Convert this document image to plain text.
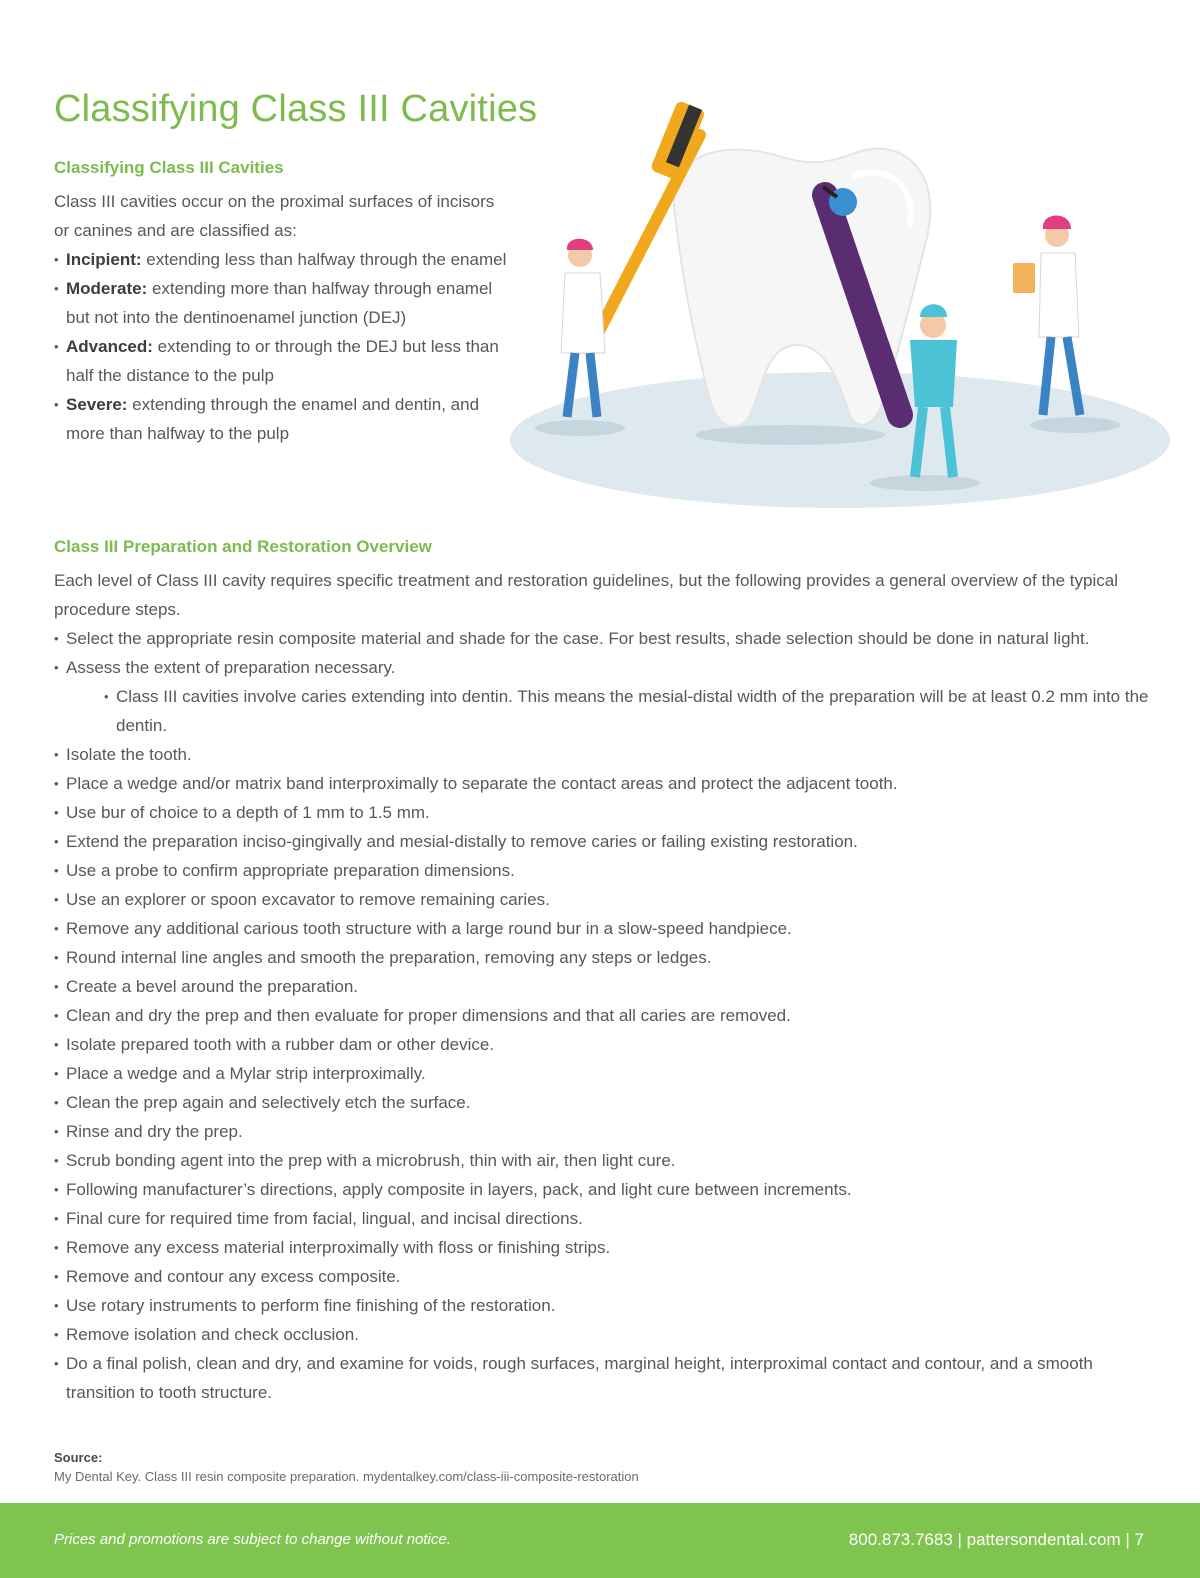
Classifying Class III Cavities
Classifying Class III Cavities

Class III cavities occur on the proximal surfaces of incisors or canines and are classified as:

• Incipient: extending less than halfway through the enamel
• Moderate: extending more than halfway through enamel but not into the dentinoenamel junction (DEJ)
• Advanced: extending to or through the DEJ but less than half the distance to the pulp
• Severe: extending through the enamel and dentin, and more than halfway to the pulp
Class III Preparation and Restoration Overview

Each level of Class III cavity requires specific treatment and restoration guidelines, but the following provides a general overview of the typical procedure steps.

• Select the appropriate resin composite material and shade for the case. For best results, shade selection should be done in natural light.
• Assess the extent of preparation necessary.
• Class III cavities involve caries extending into dentin. This means the mesial-distal width of the preparation will be at least 0.2 mm into the dentin.
• Isolate the tooth.
• Place a wedge and/or matrix band interproximally to separate the contact areas and protect the adjacent tooth.
• Use bur of choice to a depth of 1 mm to 1.5 mm.
• Extend the preparation inciso-gingivally and mesial-distally to remove caries or failing existing restoration.
• Use a probe to confirm appropriate preparation dimensions.
• Use an explorer or spoon excavator to remove remaining caries.
• Remove any additional carious tooth structure with a large round bur in a slow-speed handpiece.
• Round internal line angles and smooth the preparation, removing any steps or ledges.
• Create a bevel around the preparation.
• Clean and dry the prep and then evaluate for proper dimensions and that all caries are removed.
• Isolate prepared tooth with a rubber dam or other device.
• Place a wedge and a Mylar strip interproximally.
• Clean the prep again and selectively etch the surface.
• Rinse and dry the prep.
• Scrub bonding agent into the prep with a microbrush, thin with air, then light cure.
• Following manufacturer’s directions, apply composite in layers, pack, and light cure between increments.
• Final cure for required time from facial, lingual, and incisal directions.
• Remove any excess material interproximally with floss or finishing strips.
• Remove and contour any excess composite.
• Use rotary instruments to perform fine finishing of the restoration.
• Remove isolation and check occlusion.
• Do a final polish, clean and dry, and examine for voids, rough surfaces, marginal height, interproximal contact and contour, and a smooth transition to tooth structure.
Source:
My Dental Key. Class III resin composite preparation. mydentalkey.com/class-iii-composite-restoration
Prices and promotions are subject to change without notice.	800.873.7683 | pattersondental.com | 7
